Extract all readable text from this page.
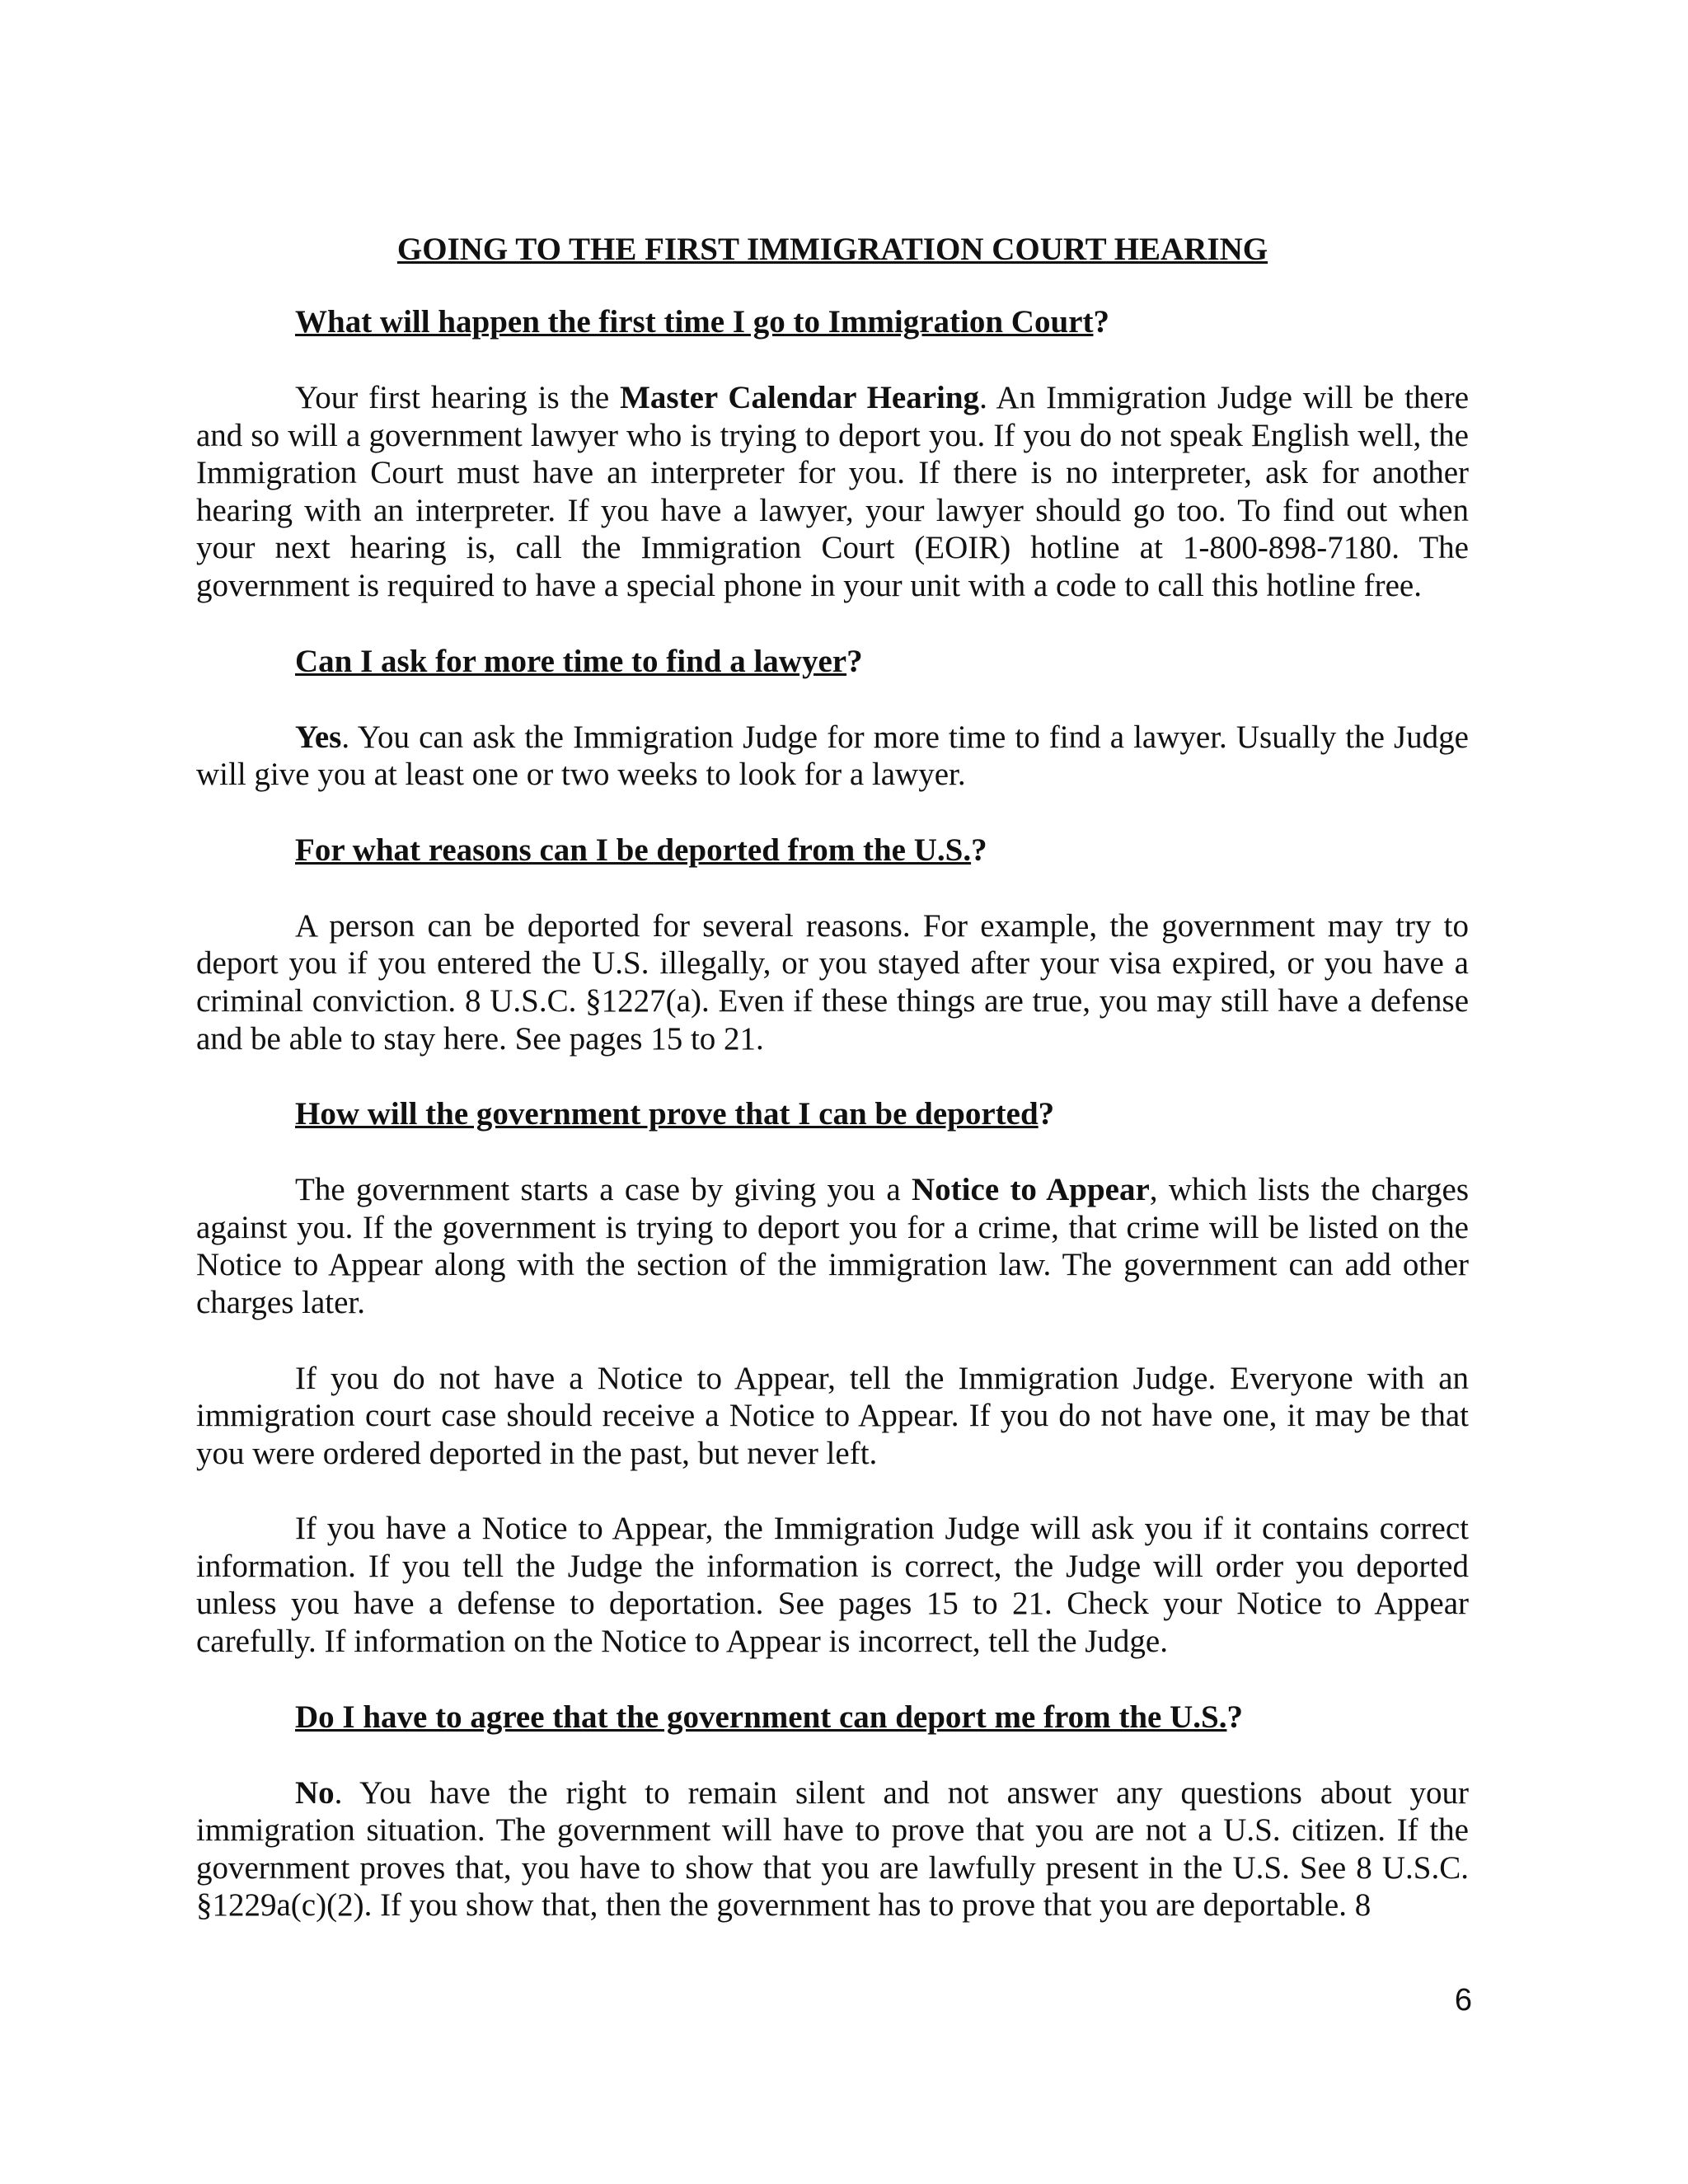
GOING TO THE FIRST IMMIGRATION COURT HEARING
What will happen the first time I go to Immigration Court?

Your first hearing is the Master Calendar Hearing. An Immigration Judge will be there and so will a government lawyer who is trying to deport you. If you do not speak English well, the Immigration Court must have an interpreter for you. If there is no interpreter, ask for another hearing with an interpreter. If you have a lawyer, your lawyer should go too. To find out when your next hearing is, call the Immigration Court (EOIR) hotline at 1-800-898-7180. The government is required to have a special phone in your unit with a code to call this hotline free.

Can I ask for more time to find a lawyer?

Yes. You can ask the Immigration Judge for more time to find a lawyer. Usually the Judge will give you at least one or two weeks to look for a lawyer.

For what reasons can I be deported from the U.S.?

A person can be deported for several reasons. For example, the government may try to deport you if you entered the U.S. illegally, or you stayed after your visa expired, or you have a criminal conviction. 8 U.S.C. §1227(a). Even if these things are true, you may still have a defense and be able to stay here. See pages 15 to 21.

How will the government prove that I can be deported?

The government starts a case by giving you a Notice to Appear, which lists the charges against you. If the government is trying to deport you for a crime, that crime will be listed on the Notice to Appear along with the section of the immigration law. The government can add other charges later.

If you do not have a Notice to Appear, tell the Immigration Judge. Everyone with an immigration court case should receive a Notice to Appear. If you do not have one, it may be that you were ordered deported in the past, but never left.

If you have a Notice to Appear, the Immigration Judge will ask you if it contains correct information. If you tell the Judge the information is correct, the Judge will order you deported unless you have a defense to deportation. See pages 15 to 21. Check your Notice to Appear carefully. If information on the Notice to Appear is incorrect, tell the Judge.

Do I have to agree that the government can deport me from the U.S.?

No. You have the right to remain silent and not answer any questions about your immigration situation. The government will have to prove that you are not a U.S. citizen. If the government proves that, you have to show that you are lawfully present in the U.S. See 8 U.S.C. §1229a(c)(2). If you show that, then the government has to prove that you are deportable. 8

6
